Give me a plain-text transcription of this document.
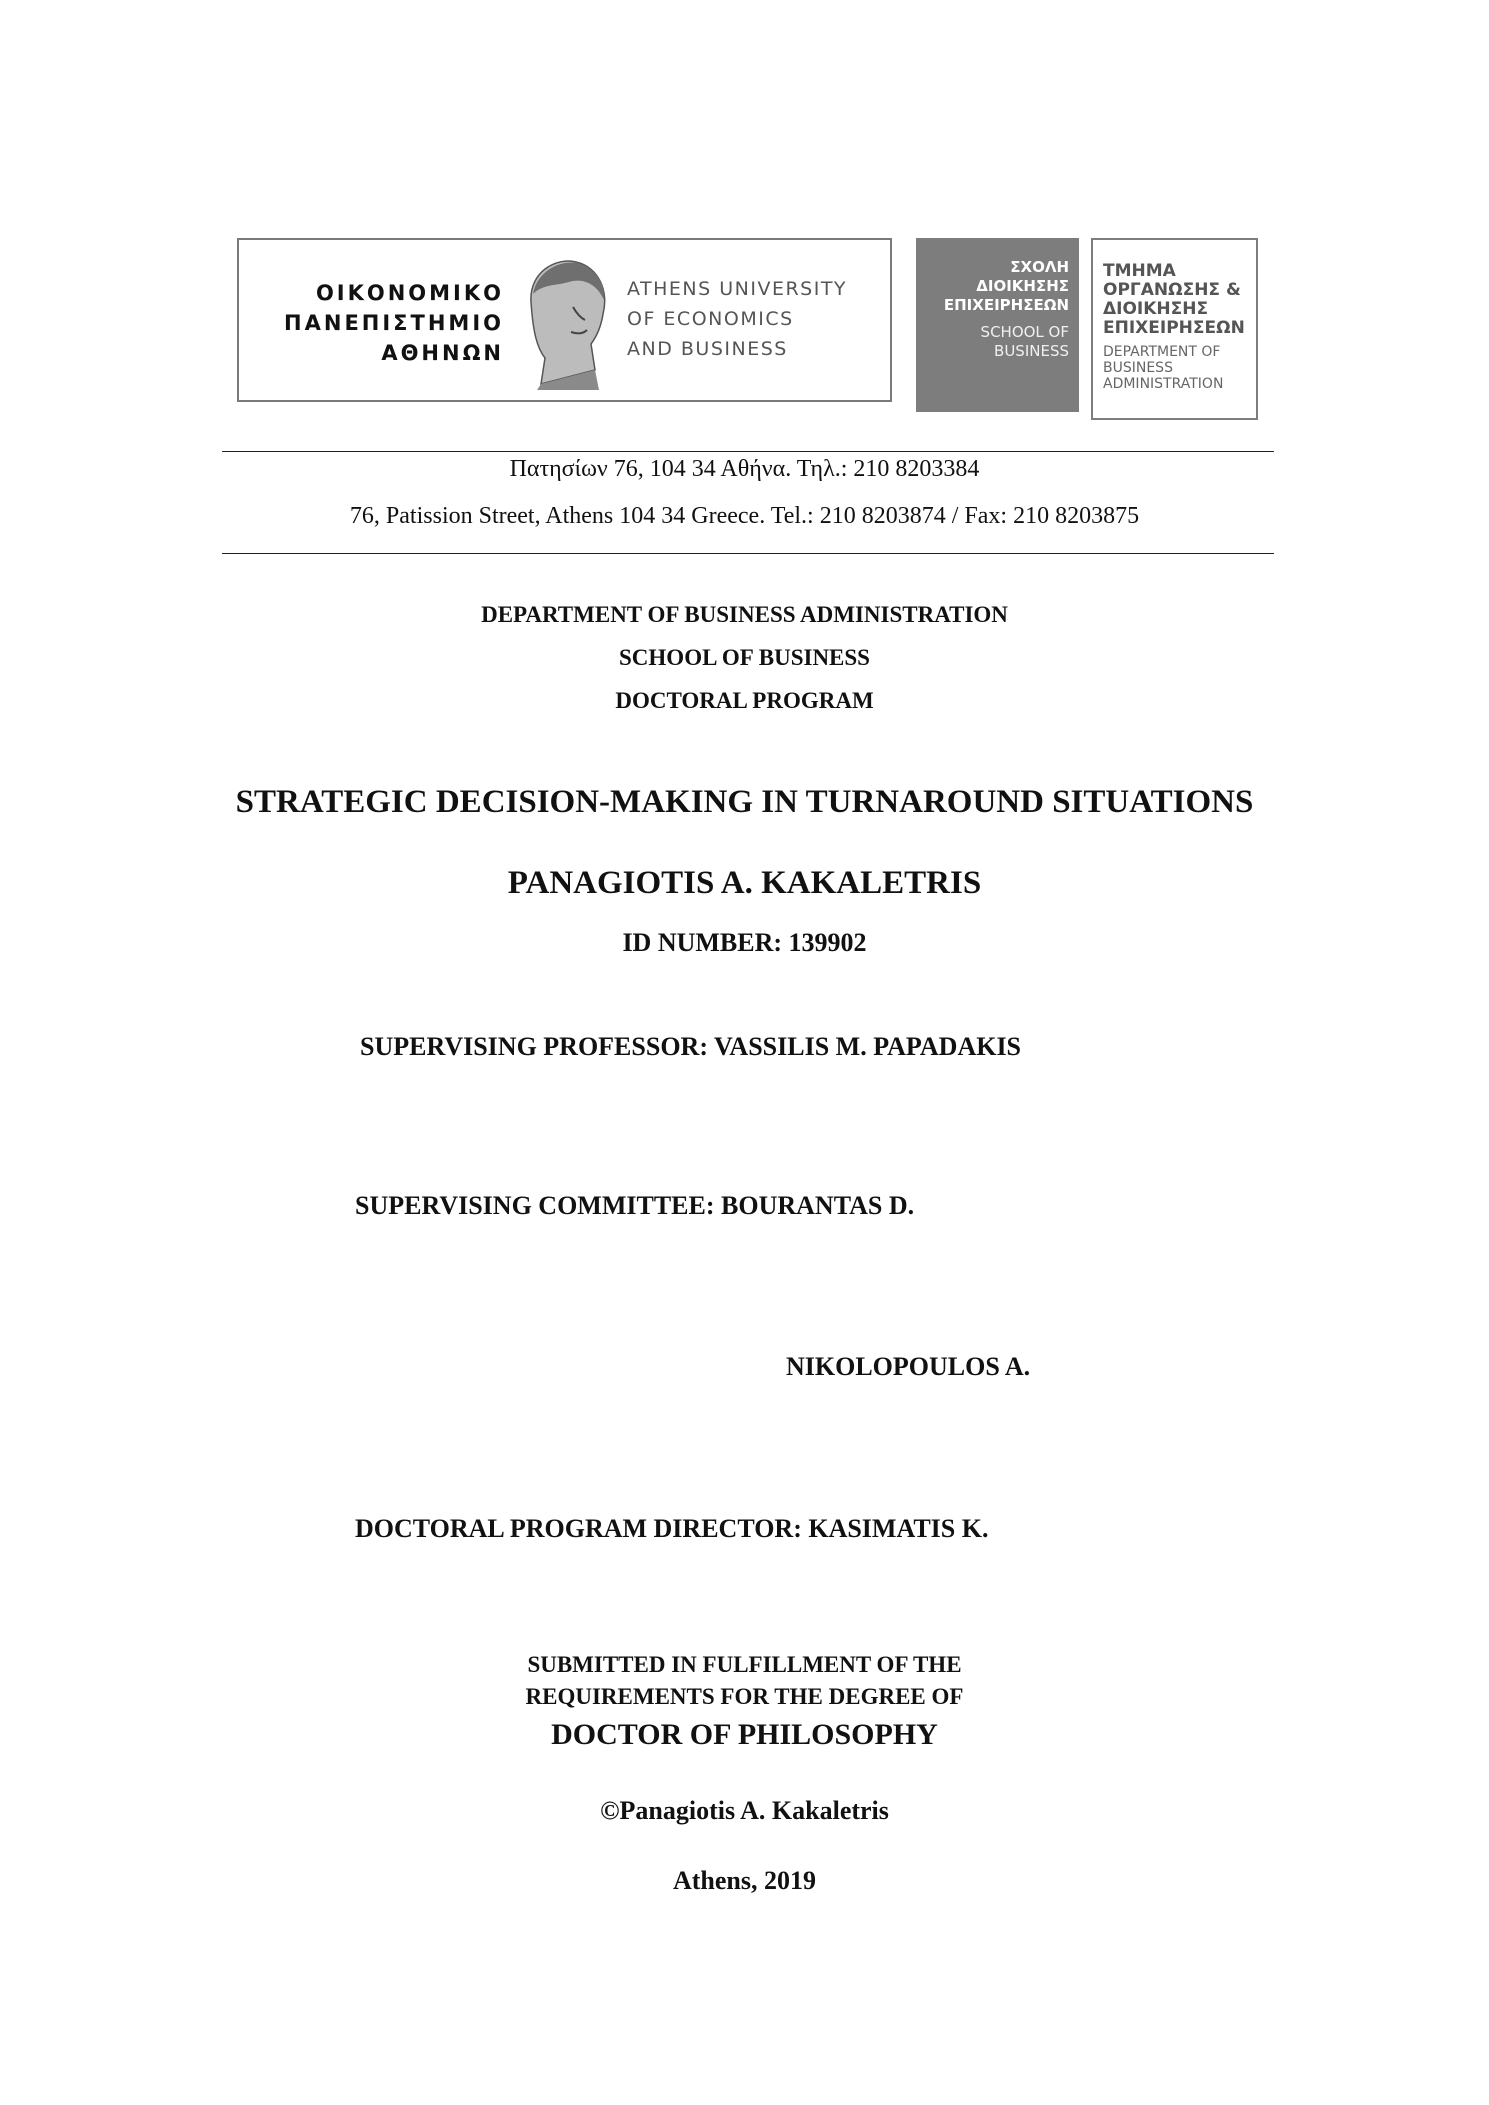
ΟΙΚΟΝΟΜΙΚΟ
ΠΑΝΕΠΙΣΤΗΜΙΟ
ΑΘΗΝΩΝ
ATHENS UNIVERSITY
OF ECONOMICS
AND BUSINESS
ΣΧΟΛΗ
ΔΙΟΙΚΗΣΗΣ
ΕΠΙΧΕΙΡΗΣΕΩΝ
SCHOOL OF
BUSINESS
ΤΜΗΜΑ
ΟΡΓΑΝΩΣΗΣ &
ΔΙΟΙΚΗΣΗΣ
ΕΠΙΧΕΙΡΗΣΕΩΝ
DEPARTMENT OF
BUSINESS
ADMINISTRATION
Πατησίων 76, 104 34 Αθήνα. Τηλ.: 210 8203384
76, Patission Street, Athens 104 34 Greece. Tel.: 210 8203874 / Fax: 210 8203875
DEPARTMENT OF BUSINESS ADMINISTRATION
SCHOOL OF BUSINESS
DOCTORAL PROGRAM
STRATEGIC DECISION-MAKING IN TURNAROUND SITUATIONS
PANAGIOTIS A. KAKALETRIS
ID NUMBER: 139902
SUPERVISING PROFESSOR: VASSILIS M. PAPADAKIS
SUPERVISING COMMITTEE: BOURANTAS D.
NIKOLOPOULOS A.
DOCTORAL PROGRAM DIRECTOR: KASIMATIS K.
SUBMITTED IN FULFILLMENT OF THE
REQUIREMENTS FOR THE DEGREE OF
DOCTOR OF PHILOSOPHY
©Panagiotis A. Kakaletris
Athens, 2019
